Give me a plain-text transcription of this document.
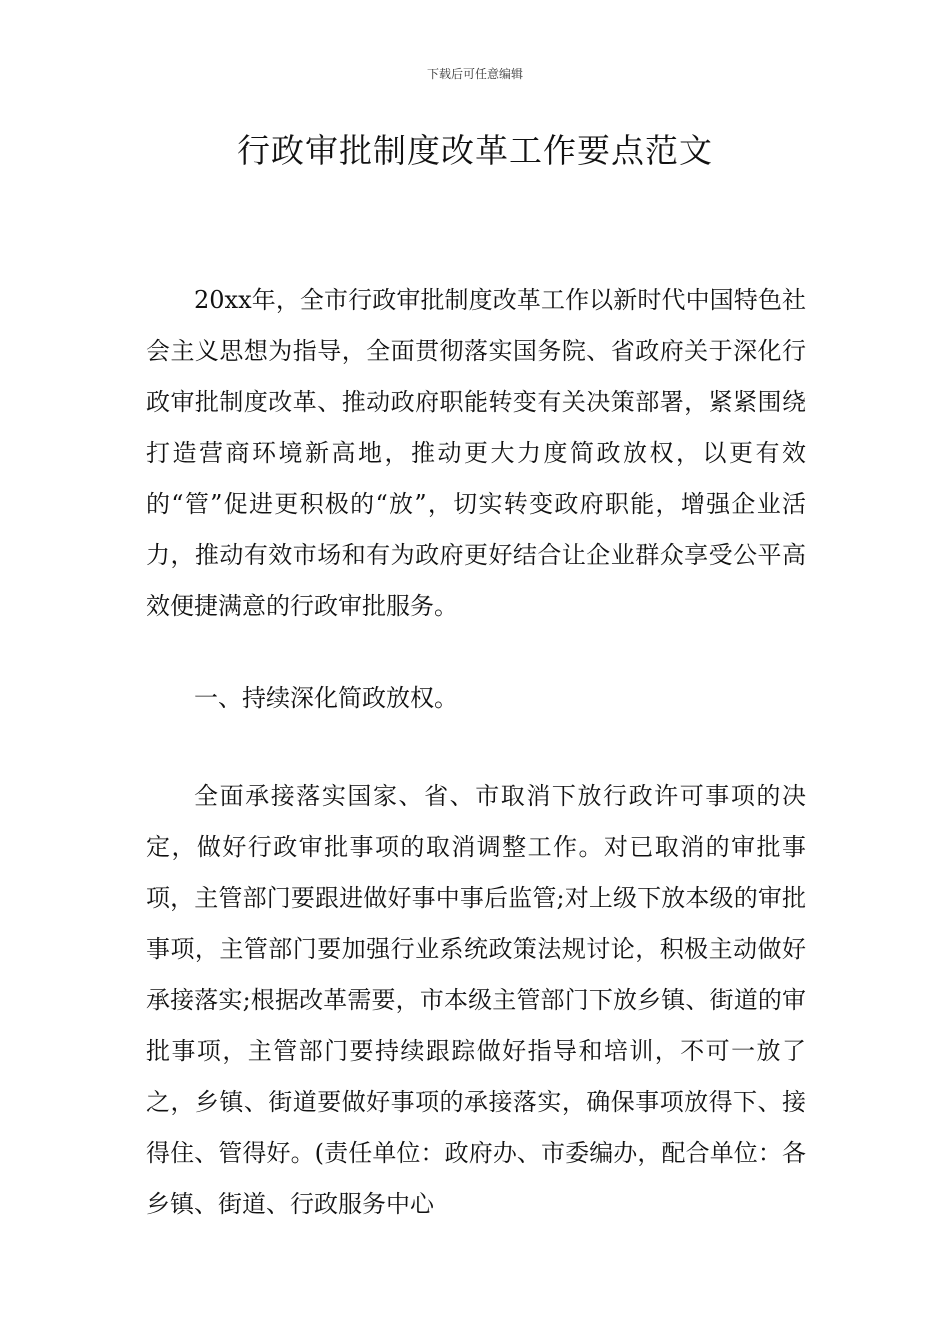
下载后可任意编辑
行政审批制度改革工作要点范文

20xx年，全市行政审批制度改革工作以新时代中国特色社会主义思想为指导，全面贯彻落实国务院、省政府关于深化行政审批制度改革、推动政府职能转变有关决策部署，紧紧围绕打造营商环境新高地，推动更大力度简政放权，以更有效的“管”促进更积极的“放”，切实转变政府职能，增强企业活力，推动有效市场和有为政府更好结合让企业群众享受公平高效便捷满意的行政审批服务。

一、持续深化简政放权。

全面承接落实国家、省、市取消下放行政许可事项的决定，做好行政审批事项的取消调整工作。对已取消的审批事项，主管部门要跟进做好事中事后监管;对上级下放本级的审批事项，主管部门要加强行业系统政策法规讨论，积极主动做好承接落实;根据改革需要，市本级主管部门下放乡镇、街道的审批事项，主管部门要持续跟踪做好指导和培训，不可一放了之，乡镇、街道要做好事项的承接落实，确保事项放得下、接得住、管得好。(责任单位：政府办、市委编办，配合单位：各乡镇、街道、行政服务中心
